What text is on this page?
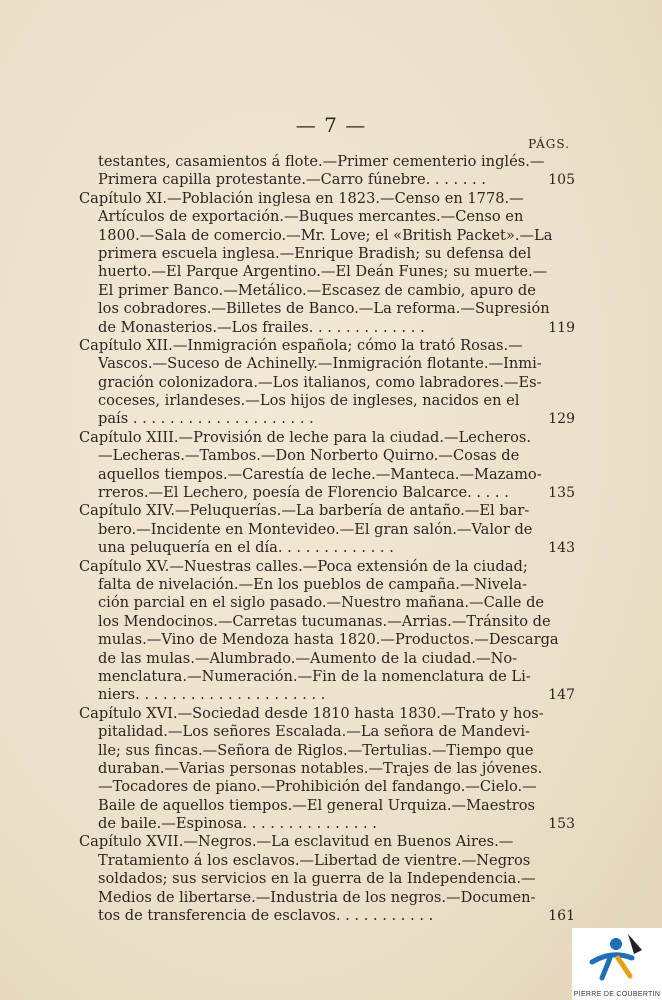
— 7 —
PÁGS.
testantes, casamientos á flote.—Primer cementerio inglés.—
Primera capilla protestante.—Carro fúnebre. . . . . . .	105
Capítulo XI.—Población inglesa en 1823.—Censo en 1778.—
Artículos de exportación.—Buques mercantes.—Censo en
1800.—Sala de comercio.—Mr. Love; el «British Packet».—La
primera escuela inglesa.—Enrique Bradish; su defensa del
huerto.—El Parque Argentino.—El Deán Funes; su muerte.—
El primer Banco.—Metálico.—Escasez de cambio, apuro de
los cobradores.—Billetes de Banco.—La reforma.—Supresión
de Monasterios.—Los frailes. . . . . . . . . . . . .	119
Capítulo XII.—Inmigración española; cómo la trató Rosas.—
Vascos.—Suceso de Achinelly.—Inmigración flotante.—Inmi-
gración colonizadora.—Los italianos, como labradores.—Es-
coceses, irlandeses.—Los hijos de ingleses, nacidos en el
país . . . . . . . . . . . . . . . . . . . .	129
Capítulo XIII.—Provisión de leche para la ciudad.—Lecheros.
—Lecheras.—Tambos.—Don Norberto Quirno.—Cosas de
aquellos tiempos.—Carestía de leche.—Manteca.—Mazamo-
rreros.—El Lechero, poesía de Florencio Balcarce. . . . .	135
Capítulo XIV.—Peluquerías.—La barbería de antaño.—El bar-
bero.—Incidente en Montevideo.—El gran salón.—Valor de
una peluquería en el día. . . . . . . . . . . . .	143
Capítulo XV.—Nuestras calles.—Poca extensión de la ciudad;
falta de nivelación.—En los pueblos de campaña.—Nivela-
ción parcial en el siglo pasado.—Nuestro mañana.—Calle de
los Mendocinos.—Carretas tucumanas.—Arrias.—Tránsito de
mulas.—Vino de Mendoza hasta 1820.—Productos.—Descarga
de las mulas.—Alumbrado.—Aumento de la ciudad.—No-
menclatura.—Numeración.—Fin de la nomenclatura de Li-
niers. . . . . . . . . . . . . . . . . . . . .	147
Capítulo XVI.—Sociedad desde 1810 hasta 1830.—Trato y hos-
pitalidad.—Los señores Escalada.—La señora de Mandevi-
lle; sus fincas.—Señora de Riglos.—Tertulias.—Tiempo que
duraban.—Varias personas notables.—Trajes de las jóvenes.
—Tocadores de piano.—Prohibición del fandango.—Cielo.—
Baile de aquellos tiempos.—El general Urquiza.—Maestros
de baile.—Espinosa. . . . . . . . . . . . . . .	153
Capítulo XVII.—Negros.—La esclavitud en Buenos Aires.—
Tratamiento á los esclavos.—Libertad de vientre.—Negros
soldados; sus servicios en la guerra de la Independencia.—
Medios de libertarse.—Industria de los negros.—Documen-
tos de transferencia de esclavos. . . . . . . . . . .	161
PIERRE DE COUBERTIN
